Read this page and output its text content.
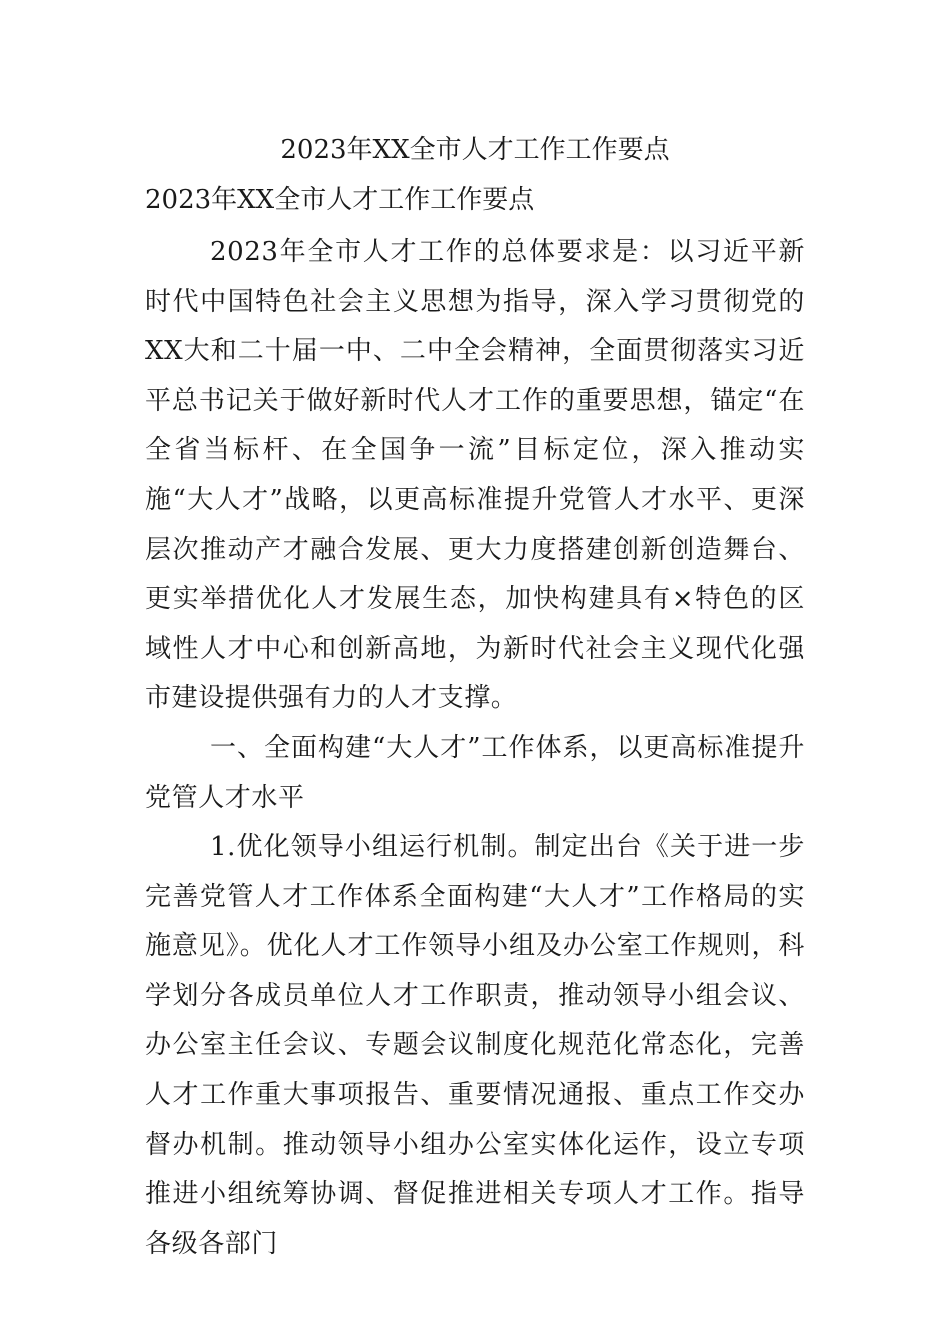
2023年XX全市人才工作工作要点

2023年XX全市人才工作工作要点

2023年全市人才工作的总体要求是：以习近平新时代中国特色社会主义思想为指导，深入学习贯彻党的XX大和二十届一中、二中全会精神，全面贯彻落实习近平总书记关于做好新时代人才工作的重要思想，锚定“在全省当标杆、在全国争一流”目标定位，深入推动实施“大人才”战略，以更高标准提升党管人才水平、更深层次推动产才融合发展、更大力度搭建创新创造舞台、更实举措优化人才发展生态，加快构建具有×特色的区域性人才中心和创新高地，为新时代社会主义现代化强市建设提供强有力的人才支撑。

一、全面构建“大人才”工作体系，以更高标准提升党管人才水平

1.优化领导小组运行机制。制定出台《关于进一步完善党管人才工作体系全面构建“大人才”工作格局的实施意见》。优化人才工作领导小组及办公室工作规则，科学划分各成员单位人才工作职责，推动领导小组会议、办公室主任会议、专题会议制度化规范化常态化，完善人才工作重大事项报告、重要情况通报、重点工作交办督办机制。推动领导小组办公室实体化运作，设立专项推进小组统筹协调、督促推进相关专项人才工作。指导各级各部门
